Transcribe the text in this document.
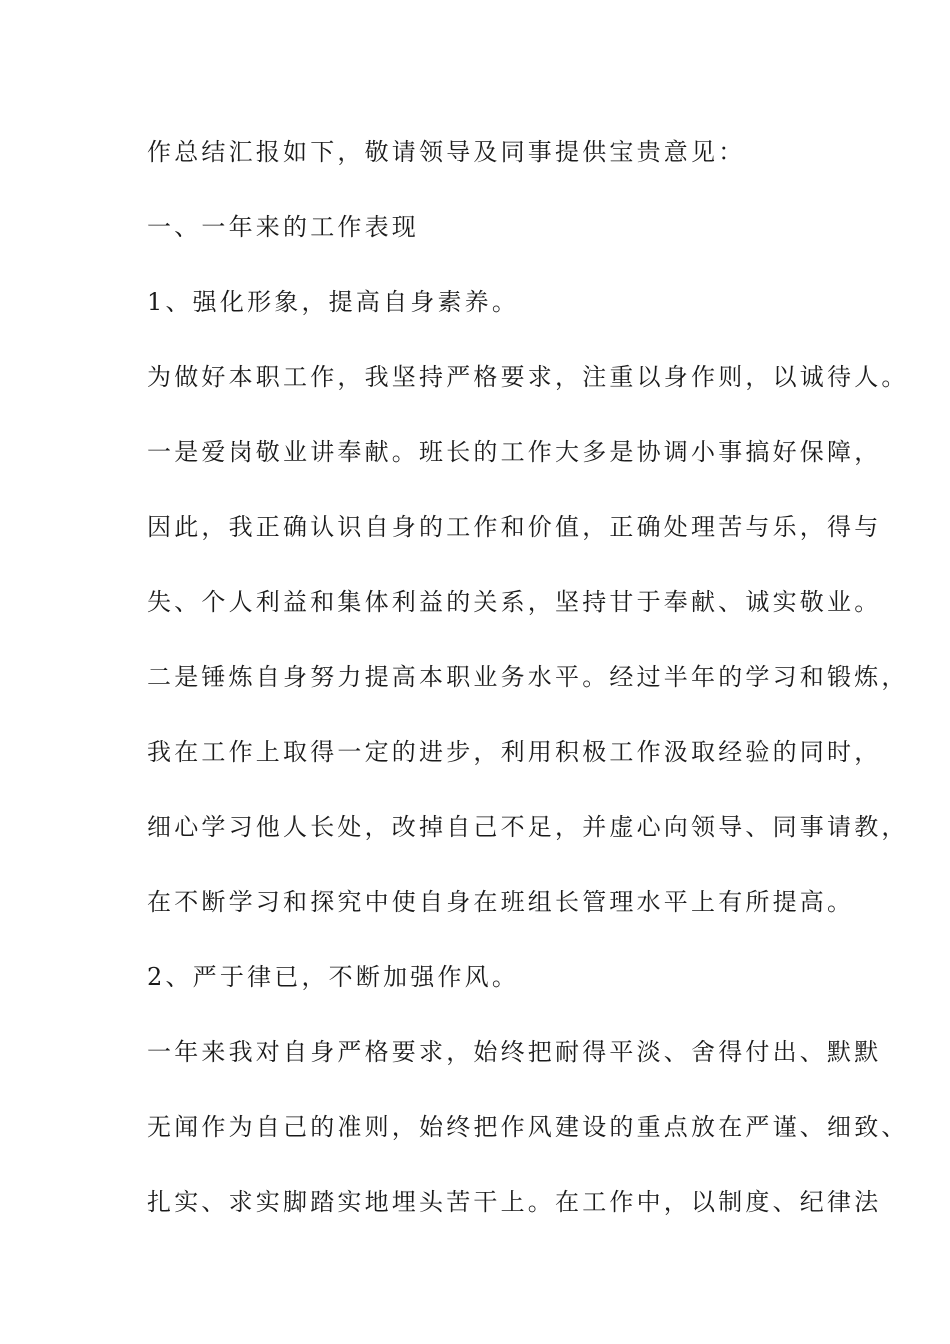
作总结汇报如下，敬请领导及同事提供宝贵意见：
一、一年来的工作表现
1、强化形象，提高自身素养。
为做好本职工作，我坚持严格要求，注重以身作则，以诚待人。
一是爱岗敬业讲奉献。班长的工作大多是协调小事搞好保障，
因此，我正确认识自身的工作和价值，正确处理苦与乐，得与
失、个人利益和集体利益的关系，坚持甘于奉献、诚实敬业。
二是锤炼自身努力提高本职业务水平。经过半年的学习和锻炼，
我在工作上取得一定的进步，利用积极工作汲取经验的同时，
细心学习他人长处，改掉自己不足，并虚心向领导、同事请教，
在不断学习和探究中使自身在班组长管理水平上有所提高。
2、严于律已，不断加强作风。
一年来我对自身严格要求，始终把耐得平淡、舍得付出、默默
无闻作为自己的准则，始终把作风建设的重点放在严谨、细致、
扎实、求实脚踏实地埋头苦干上。在工作中，以制度、纪律法
